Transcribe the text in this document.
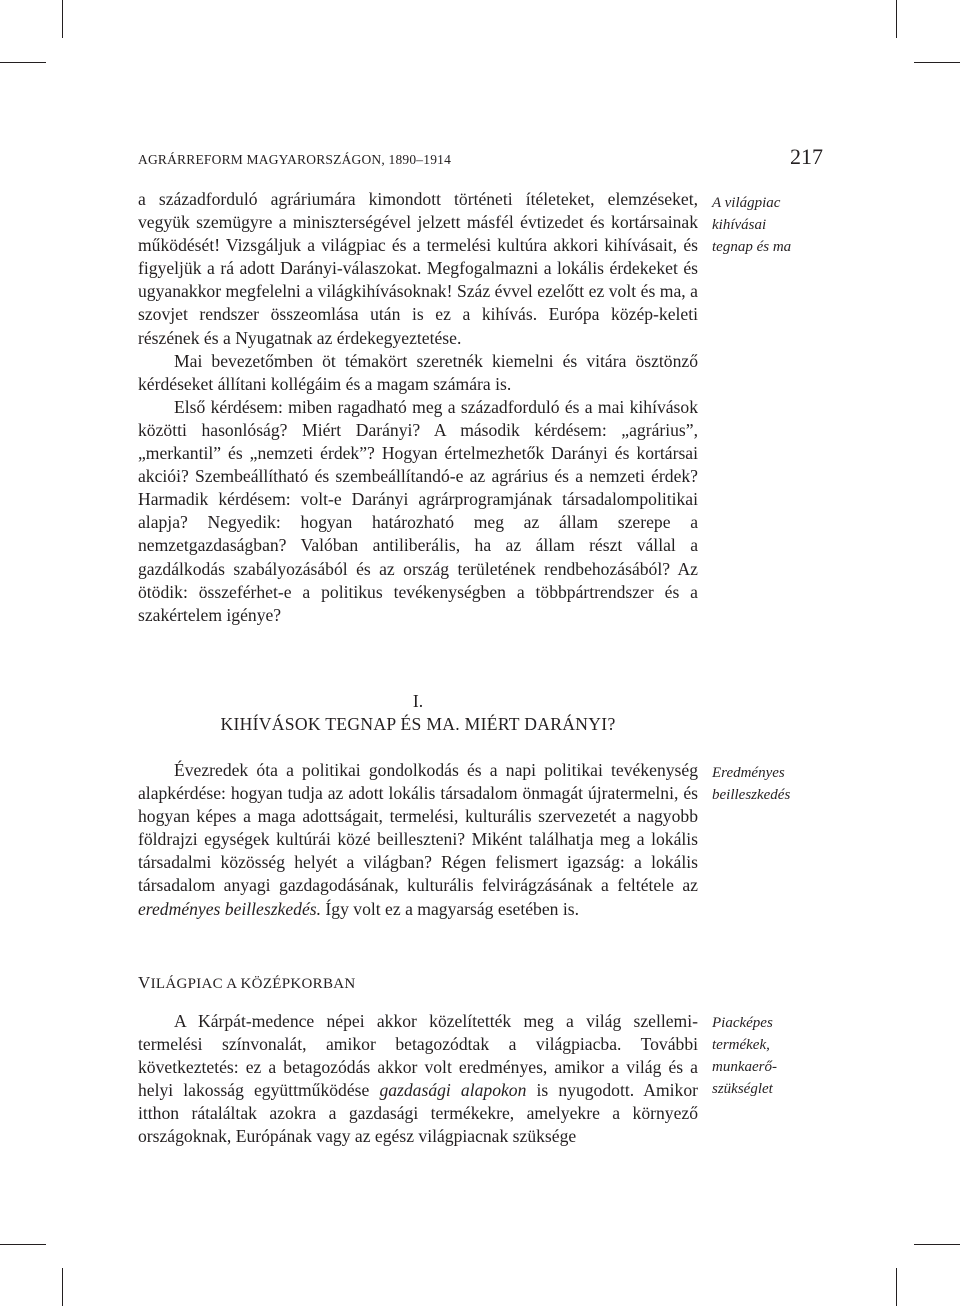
AGRÁRREFORM MAGYARORSZÁGON, 1890–1914	217

a századforduló agráriumára kimondott történeti ítéleteket, elemzéseket, vegyük szemügyre a miniszterségével jelzett másfél évtizedet és kortársainak működését! Vizsgáljuk a világpiac és a termelési kultúra akkori kihívásait, és figyeljük a rá adott Darányi-válaszokat. Megfogalmazni a lokális érdekeket és ugyanakkor megfelelni a világkihívásoknak! Száz évvel ezelőtt ez volt és ma, a szovjet rendszer összeomlása után is ez a kihívás. Európa közép-keleti részének és a Nyugatnak az érdekegyeztetése.

Mai bevezetőmben öt témakört szeretnék kiemelni és vitára ösztönző kérdéseket állítani kollégáim és a magam számára is.

Első kérdésem: miben ragadható meg a századforduló és a mai kihívások közötti hasonlóság? Miért Darányi? A második kérdésem: „agrárius”, „merkantil” és „nemzeti érdek”? Hogyan értelmezhetők Darányi és kortársai akciói? Szembeállítható és szembeállítandó-e az agrárius és a nemzeti érdek? Harmadik kérdésem: volt-e Darányi agrárprogramjának társadalompolitikai alapja? Negyedik: hogyan határozható meg az állam szerepe a nemzetgazdaságban? Valóban antiliberális, ha az állam részt vállal a gazdálkodás szabályozásából és az ország területének rendbehozásából? Az ötödik: összeférhet-e a politikus tevékenységben a többpártrendszer és a szakértelem igénye?

A világpiac
kihívásai
tegnap és ma
I.
KIHÍVÁSOK TEGNAP ÉS MA. MIÉRT DARÁNYI?

Évezredek óta a politikai gondolkodás és a napi politikai tevékenység alapkérdése: hogyan tudja az adott lokális társadalom önmagát újratermelni, és hogyan képes a maga adottságait, termelési, kulturális szervezetét a nagyobb földrajzi egységek kultúrái közé beilleszteni? Miként találhatja meg a lokális társadalmi közösség helyét a világban? Régen felismert igazság: a lokális társadalom anyagi gazdagodásának, kulturális felvirágzásának a feltétele az eredményes beilleszkedés. Így volt ez a magyarság esetében is.

Eredményes
beilleszkedés
VILÁGPIAC A KÖZÉPKORBAN

A Kárpát-medence népei akkor közelítették meg a világ szellemi-termelési színvonalát, amikor betagozódtak a világpiacba. További következtetés: ez a betagozódás akkor volt eredményes, amikor a világ és a helyi lakosság együttműködése gazdasági alapokon is nyugodott. Amikor itthon rátaláltak azokra a gazdasági termékekre, amelyekre a környező országoknak, Európának vagy az egész világpiacnak szüksége

Piacképes
termékek,
munkaerő-
szükséglet
